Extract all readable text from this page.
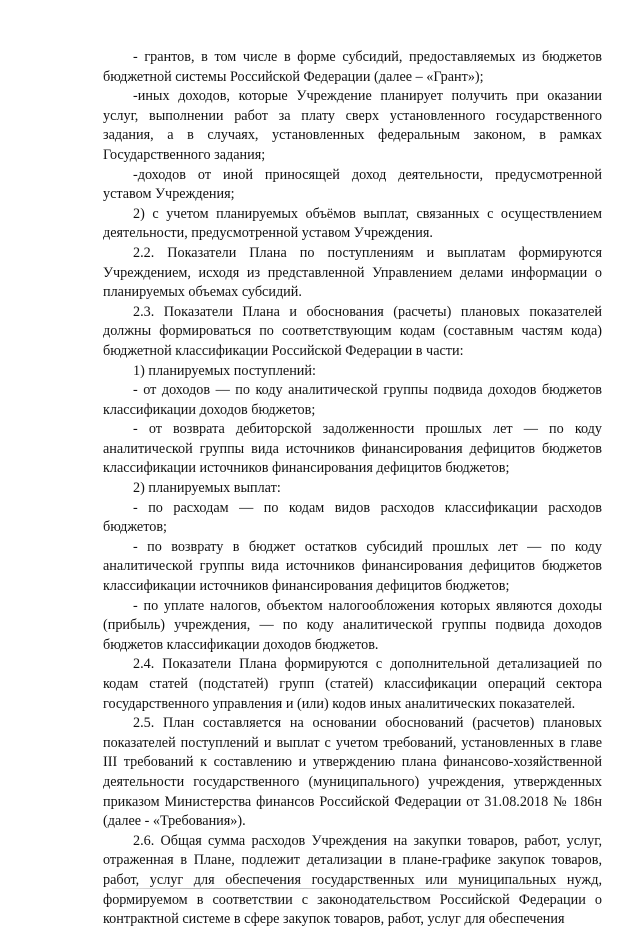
- грантов, в том числе в форме субсидий, предоставляемых из бюджетов бюджетной системы Российской Федерации (далее – «Грант»);

-иных доходов, которые Учреждение планирует получить при оказании услуг, выполнении работ за плату сверх установленного государственного задания, а в случаях, установленных федеральным законом, в рамках Государственного задания;

-доходов от иной приносящей доход деятельности, предусмотренной уставом Учреждения;

2) с учетом планируемых объёмов выплат, связанных с осуществлением деятельности, предусмотренной уставом Учреждения.

2.2. Показатели Плана по поступлениям и выплатам формируются Учреждением, исходя из представленной Управлением делами информации о планируемых объемах субсидий.

2.3. Показатели Плана и обоснования (расчеты) плановых показателей должны формироваться по соответствующим кодам (составным частям кода) бюджетной классификации Российской Федерации в части:

1) планируемых поступлений:

- от доходов — по коду аналитической группы подвида доходов бюджетов классификации доходов бюджетов;

- от возврата дебиторской задолженности прошлых лет — по коду аналитической группы вида источников финансирования дефицитов бюджетов классификации источников финансирования дефицитов бюджетов;

2) планируемых выплат:

- по расходам — по кодам видов расходов классификации расходов бюджетов;

- по возврату в бюджет остатков субсидий прошлых лет — по коду аналитической группы вида источников финансирования дефицитов бюджетов классификации источников финансирования дефицитов бюджетов;

- по уплате налогов, объектом налогообложения которых являются доходы (прибыль) учреждения, — по коду аналитической группы подвида доходов бюджетов классификации доходов бюджетов.

2.4. Показатели Плана формируются с дополнительной детализацией по кодам статей (подстатей) групп (статей) классификации операций сектора государственного управления и (или) кодов иных аналитических показателей.

2.5. План составляется на основании обоснований (расчетов) плановых показателей поступлений и выплат с учетом требований, установленных в главе III требований к составлению и утверждению плана финансово-хозяйственной деятельности государственного (муниципального) учреждения, утвержденных приказом Министерства финансов Российской Федерации от 31.08.2018 № 186н (далее - «Требования»).

2.6. Общая сумма расходов Учреждения на закупки товаров, работ, услуг, отраженная в Плане, подлежит детализации в плане-графике закупок товаров, работ, услуг для обеспечения государственных или муниципальных нужд, формируемом в соответствии с законодательством Российской Федерации о контрактной системе в сфере закупок товаров, работ, услуг для обеспечения
